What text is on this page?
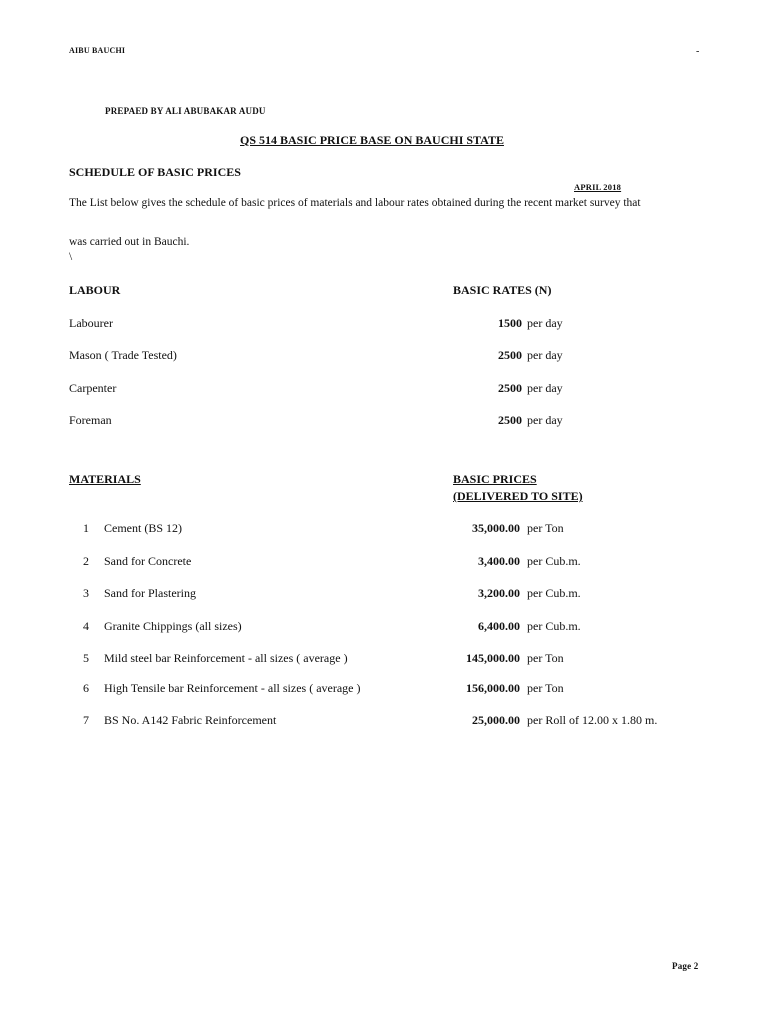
AIBU BAUCHI	-
PREPAED BY ALI ABUBAKAR AUDU
QS 514 BASIC PRICE BASE ON BAUCHI STATE
SCHEDULE OF BASIC PRICES
APRIL 2018
The List below gives the schedule of basic prices of materials and labour rates obtained during the recent market survey that
was carried out in Bauchi.
\
LABOUR	BASIC RATES (N)
Labourer	1500 per day
Mason ( Trade Tested)	2500 per day
Carpenter	2500 per day
Foreman	2500 per day
MATERIALS	BASIC PRICES
(DELIVERED TO SITE)
1 Cement (BS 12)	35,000.00 per Ton
2 Sand for Concrete	3,400.00 per Cub.m.
3 Sand for Plastering	3,200.00 per Cub.m.
4 Granite Chippings (all sizes)	6,400.00 per Cub.m.
5 Mild steel bar Reinforcement - all sizes ( average )	145,000.00 per Ton
6 High Tensile bar Reinforcement - all sizes ( average )	156,000.00 per Ton
7 BS No. A142 Fabric Reinforcement	25,000.00 per Roll of 12.00 x 1.80 m.
Page 2
